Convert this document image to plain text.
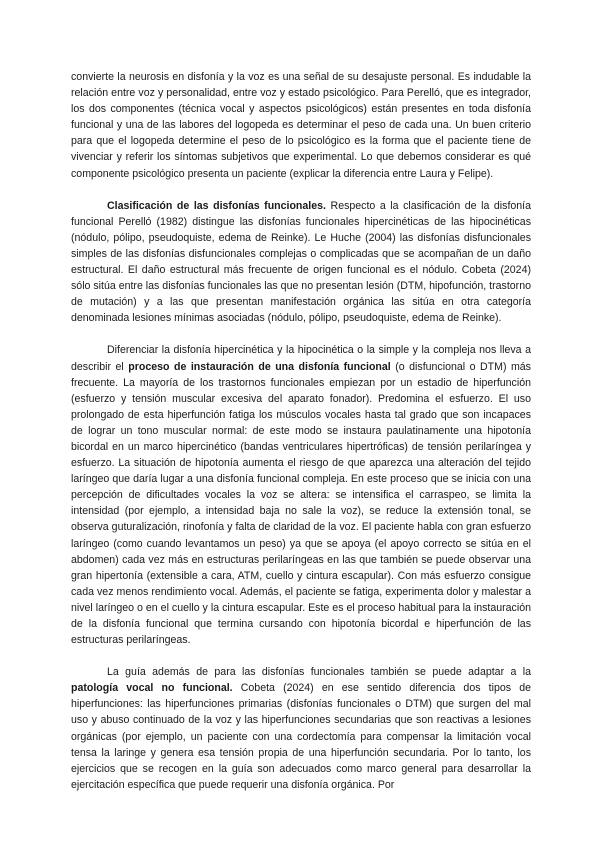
convierte la neurosis en disfonía y la voz es una señal de su desajuste personal. Es indudable la relación entre voz y personalidad, entre voz y estado psicológico. Para Perelló, que es integrador, los dos componentes (técnica vocal y aspectos psicológicos) están presentes en toda disfonía funcional y una de las labores del logopeda es determinar el peso de cada una. Un buen criterio para que el logopeda determine el peso de lo psicológico es la forma que el paciente tiene de vivenciar y referir los síntomas subjetivos que experimental. Lo que debemos considerar es qué componente psicológico presenta un paciente (explicar la diferencia entre Laura y Felipe).

Clasificación de las disfonías funcionales. Respecto a la clasificación de la disfonía funcional Perelló (1982) distingue las disfonías funcionales hipercinéticas de las hipocinéticas (nódulo, pólipo, pseudoquiste, edema de Reinke). Le Huche (2004) las disfonías disfuncionales simples de las disfonías disfuncionales complejas o complicadas que se acompañan de un daño estructural. El daño estructural más frecuente de origen funcional es el nódulo. Cobeta (2024) sólo sitúa entre las disfonías funcionales las que no presentan lesión (DTM, hipofunción, trastorno de mutación) y a las que presentan manifestación orgánica las sitúa en otra categoría denominada lesiones mínimas asociadas (nódulo, pólipo, pseudoquiste, edema de Reinke).

Diferenciar la disfonía hipercinética y la hipocinética o la simple y la compleja nos lleva a describir el proceso de instauración de una disfonía funcional (o disfuncional o DTM) más frecuente. La mayoría de los trastornos funcionales empiezan por un estadio de hiperfunción (esfuerzo y tensión muscular excesiva del aparato fonador). Predomina el esfuerzo. El uso prolongado de esta hiperfunción fatiga los músculos vocales hasta tal grado que son incapaces de lograr un tono muscular normal: de este modo se instaura paulatinamente una hipotonía bicordal en un marco hipercinético (bandas ventriculares hipertróficas) de tensión perilaríngea y esfuerzo. La situación de hipotonía aumenta el riesgo de que aparezca una alteración del tejido laríngeo que daría lugar a una disfonía funcional compleja. En este proceso que se inicia con una percepción de dificultades vocales la voz se altera: se intensifica el carraspeo, se limita la intensidad (por ejemplo, a intensidad baja no sale la voz), se reduce la extensión tonal, se observa guturalización, rinofonía y falta de claridad de la voz. El paciente habla con gran esfuerzo laríngeo (como cuando levantamos un peso) ya que se apoya (el apoyo correcto se sitúa en el abdomen) cada vez más en estructuras perilaríngeas en las que también se puede observar una gran hipertonía (extensible a cara, ATM, cuello y cintura escapular). Con más esfuerzo consigue cada vez menos rendimiento vocal. Además, el paciente se fatiga, experimenta dolor y malestar a nivel laríngeo o en el cuello y la cintura escapular. Este es el proceso habitual para la instauración de la disfonía funcional que termina cursando con hipotonía bicordal e hiperfunción de las estructuras perilaríngeas.

La guía además de para las disfonías funcionales también se puede adaptar a la patología vocal no funcional. Cobeta (2024) en ese sentido diferencia dos tipos de hiperfunciones: las hiperfunciones primarias (disfonías funcionales o DTM) que surgen del mal uso y abuso continuado de la voz y las hiperfunciones secundarias que son reactivas a lesiones orgánicas (por ejemplo, un paciente con una cordectomía para compensar la limitación vocal tensa la laringe y genera esa tensión propia de una hiperfunción secundaria. Por lo tanto, los ejercicios que se recogen en la guía son adecuados como marco general para desarrollar la ejercitación específica que puede requerir una disfonía orgánica. Por
